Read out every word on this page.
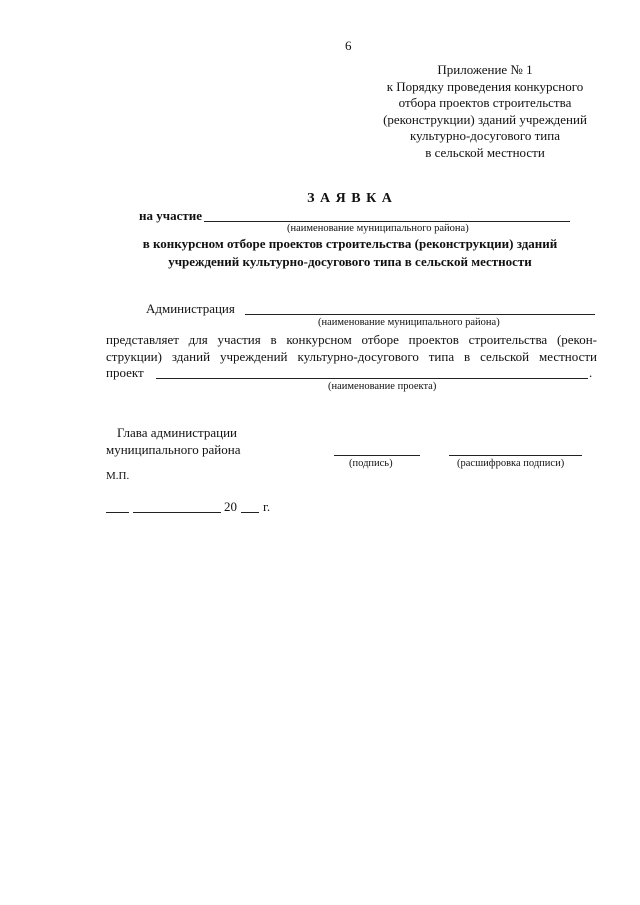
6
Приложение № 1
к Порядку проведения конкурсного
отбора проектов строительства
(реконструкции) зданий учреждений
культурно-досугового типа
в сельской местности
З А Я В К А
на участие
(наименование муниципального района)
в конкурсном отборе проектов строительства (реконструкции) зданий
учреждений культурно-досугового типа в сельской местности
Администрация
(наименование муниципального района)
представляет для участия в конкурсном отборе проектов строительства (рекон-
струкции) зданий учреждений культурно-досугового типа в сельской местности
проект	.
(наименование проекта)
Глава администрации
муниципального района
(подпись)	(расшифровка подписи)
М.П.
20 г.
